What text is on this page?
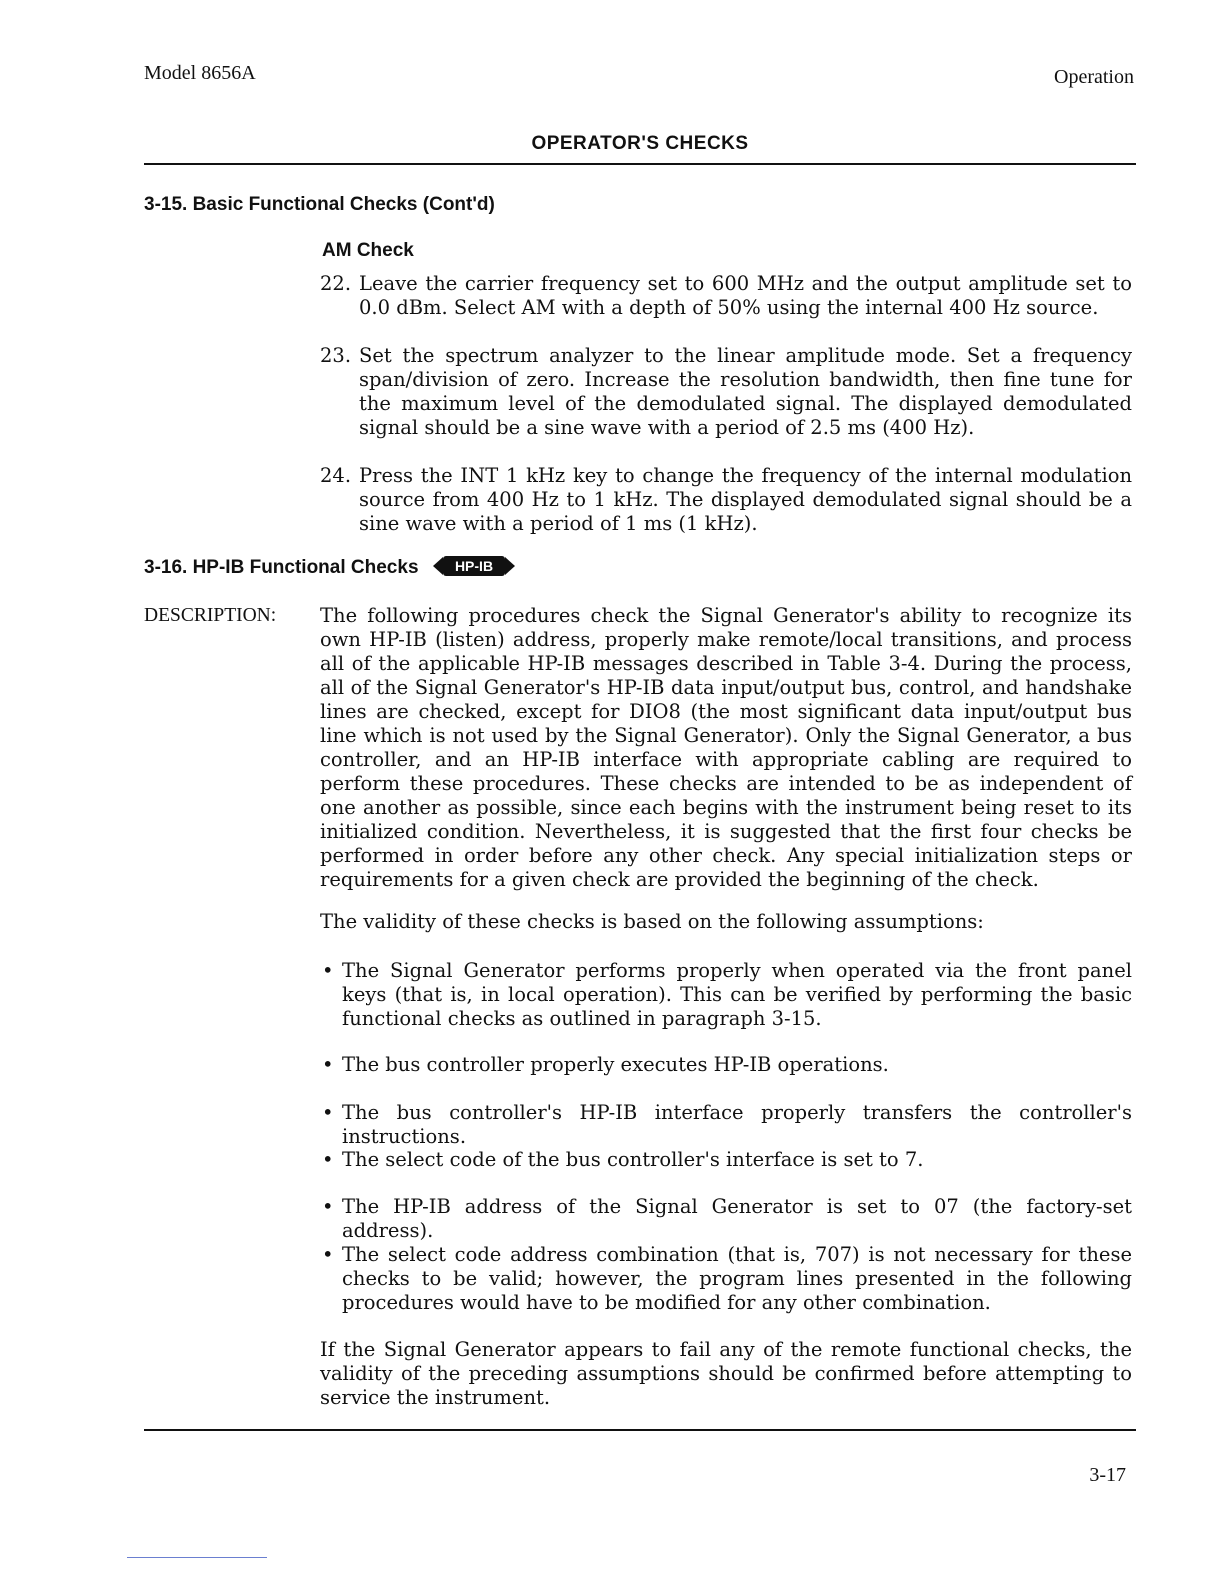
Model 8656A	Operation
OPERATOR'S CHECKS
3-15. Basic Functional Checks (Cont'd)
AM Check
22. Leave the carrier frequency set to 600 MHz and the output amplitude set to 0.0 dBm. Select AM with a depth of 50% using the internal 400 Hz source.
23. Set the spectrum analyzer to the linear amplitude mode. Set a frequency span/division of zero. Increase the resolution bandwidth, then fine tune for the maximum level of the demodulated signal. The displayed demodulated signal should be a sine wave with a period of 2.5 ms (400 Hz).
24. Press the INT 1 kHz key to change the frequency of the internal modulation source from 400 Hz to 1 kHz. The displayed demodulated signal should be a sine wave with a period of 1 ms (1 kHz).
3-16. HP-IB Functional Checks	HP-IB
DESCRIPTION: The following procedures check the Signal Generator's ability to recognize its own HP-IB (listen) address, properly make remote/local transitions, and process all of the applicable HP-IB messages described in Table 3-4. During the process, all of the Signal Generator's HP-IB data input/output bus, control, and handshake lines are checked, except for DIO8 (the most significant data input/output bus line which is not used by the Signal Generator). Only the Signal Generator, a bus controller, and an HP-IB interface with appropriate cabling are required to perform these procedures. These checks are intended to be as independent of one another as possible, since each begins with the instrument being reset to its initialized condition. Nevertheless, it is suggested that the first four checks be performed in order before any other check. Any special initialization steps or requirements for a given check are provided the beginning of the check.
The validity of these checks is based on the following assumptions:
• The Signal Generator performs properly when operated via the front panel keys (that is, in local operation). This can be verified by performing the basic functional checks as outlined in paragraph 3-15.
• The bus controller properly executes HP-IB operations.
• The bus controller's HP-IB interface properly transfers the controller's instructions.
• The select code of the bus controller's interface is set to 7.
• The HP-IB address of the Signal Generator is set to 07 (the factory-set address).
• The select code address combination (that is, 707) is not necessary for these checks to be valid; however, the program lines presented in the following procedures would have to be modified for any other combination.
If the Signal Generator appears to fail any of the remote functional checks, the validity of the preceding assumptions should be confirmed before attempting to service the instrument.
3-17
